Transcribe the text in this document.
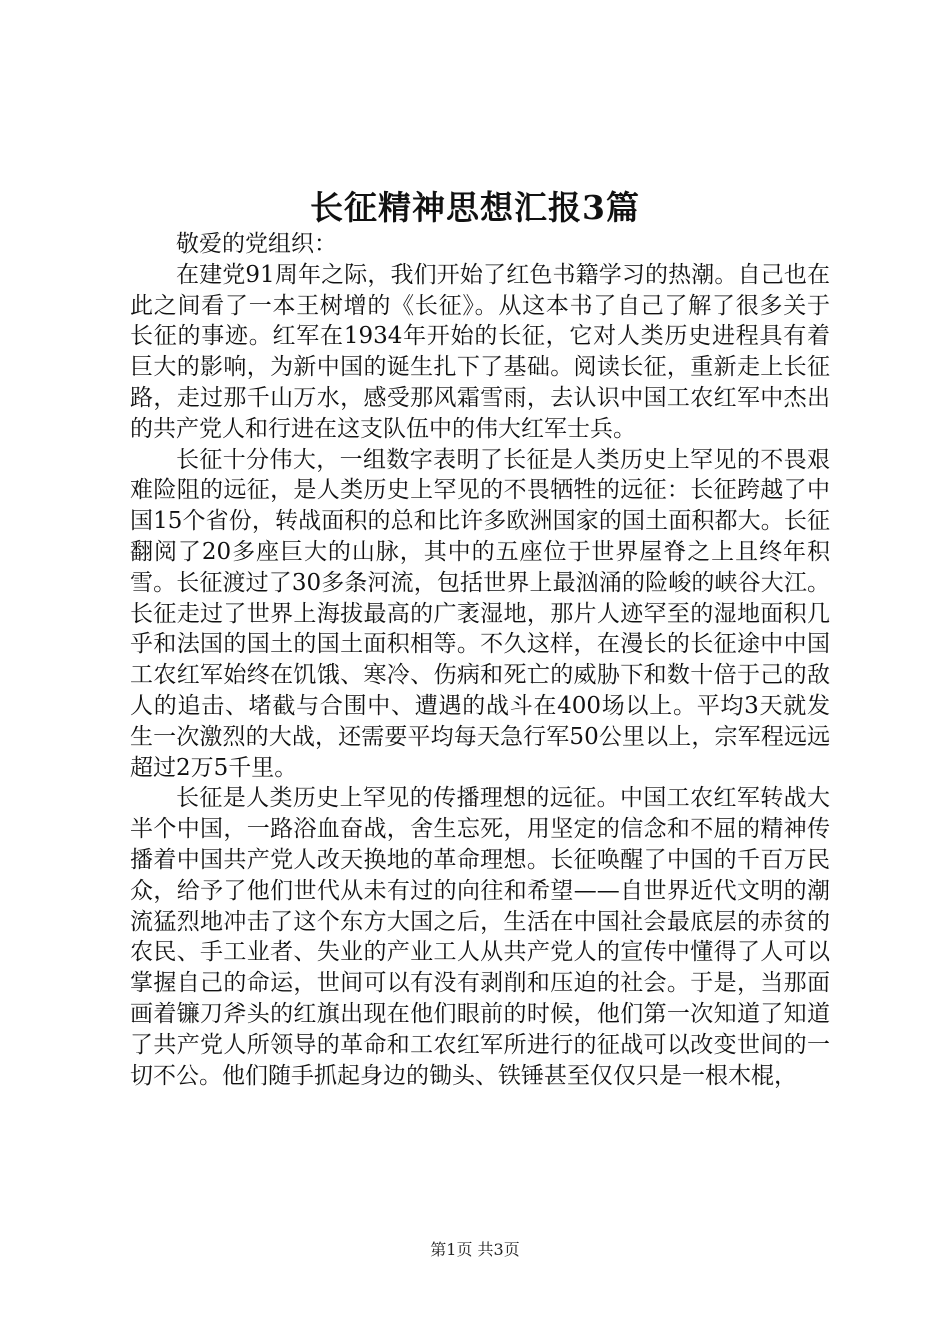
长征精神思想汇报3篇

敬爱的党组织：

在建党91周年之际，我们开始了红色书籍学习的热潮。自己也在此之间看了一本王树增的《长征》。从这本书了自己了解了很多关于长征的事迹。红军在1934年开始的长征，它对人类历史进程具有着巨大的影响，为新中国的诞生扎下了基础。阅读长征，重新走上长征路，走过那千山万水，感受那风霜雪雨，去认识中国工农红军中杰出的共产党人和行进在这支队伍中的伟大红军士兵。

长征十分伟大，一组数字表明了长征是人类历史上罕见的不畏艰难险阻的远征，是人类历史上罕见的不畏牺牲的远征：长征跨越了中国15个省份，转战面积的总和比许多欧洲国家的国土面积都大。长征翻阅了20多座巨大的山脉，其中的五座位于世界屋脊之上且终年积雪。长征渡过了30多条河流，包括世界上最汹涌的险峻的峡谷大江。长征走过了世界上海拔最高的广袤湿地，那片人迹罕至的湿地面积几乎和法国的国土的国土面积相等。不久这样，在漫长的长征途中中国工农红军始终在饥饿、寒冷、伤病和死亡的威胁下和数十倍于己的敌人的追击、堵截与合围中、遭遇的战斗在400场以上。平均3天就发生一次激烈的大战，还需要平均每天急行军50公里以上，宗军程远远超过2万5千里。

长征是人类历史上罕见的传播理想的远征。中国工农红军转战大半个中国，一路浴血奋战，舍生忘死，用坚定的信念和不屈的精神传播着中国共产党人改天换地的革命理想。长征唤醒了中国的千百万民众，给予了他们世代从未有过的向往和希望——自世界近代文明的潮流猛烈地冲击了这个东方大国之后，生活在中国社会最底层的赤贫的农民、手工业者、失业的产业工人从共产党人的宣传中懂得了人可以掌握自己的命运，世间可以有没有剥削和压迫的社会。于是，当那面画着镰刀斧头的红旗出现在他们眼前的时候，他们第一次知道了知道了共产党人所领导的革命和工农红军所进行的征战可以改变世间的一切不公。他们随手抓起身边的锄头、铁锤甚至仅仅只是一根木棍，

第1页 共3页
